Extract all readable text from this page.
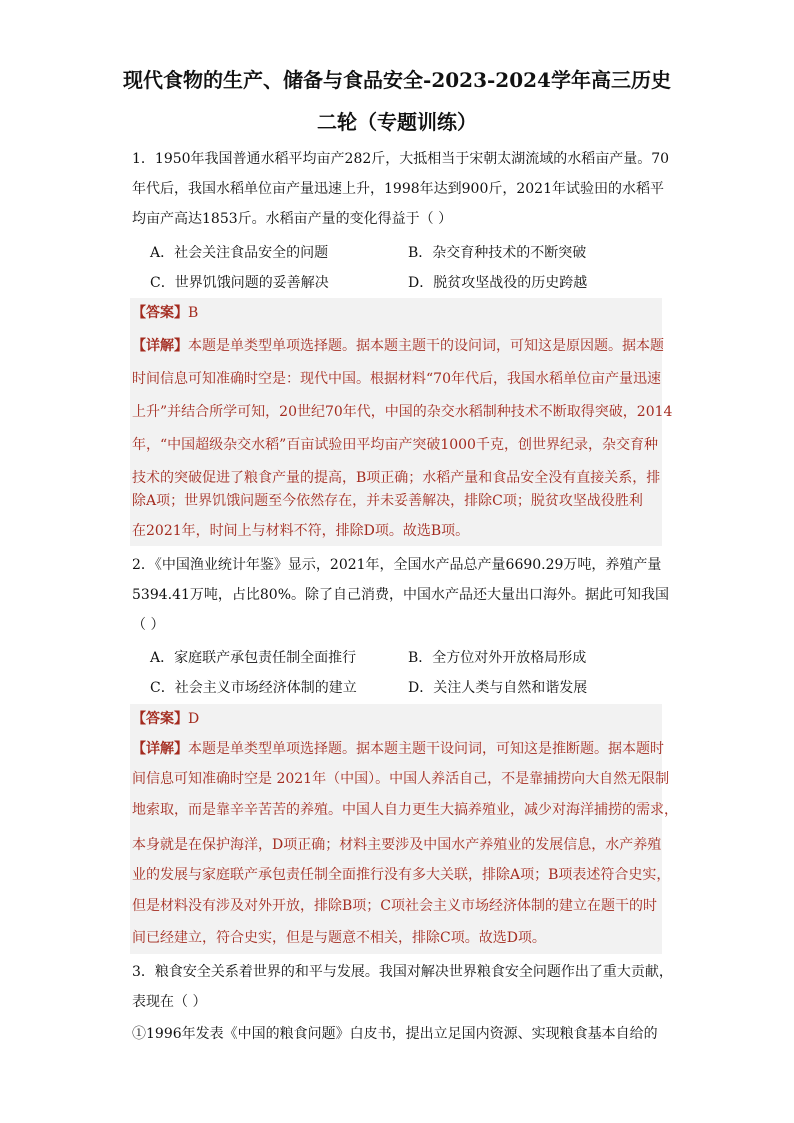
现代食物的生产、储备与食品安全-2023-2024学年高三历史
二轮（专题训练）
1．1950年我国普通水稻平均亩产282斤，大抵相当于宋朝太湖流域的水稻亩产量。70
年代后，我国水稻单位亩产量迅速上升，1998年达到900斤，2021年试验田的水稻平
均亩产高达1853斤。水稻亩产量的变化得益于（ ）
A．社会关注食品安全的问题	B．杂交育种技术的不断突破
C．世界饥饿问题的妥善解决	D．脱贫攻坚战役的历史跨越
【答案】B
【详解】本题是单类型单项选择题。据本题主题干的设问词，可知这是原因题。据本题
时间信息可知准确时空是：现代中国。根据材料“70年代后，我国水稻单位亩产量迅速
上升”并结合所学可知，20世纪70年代，中国的杂交水稻制种技术不断取得突破，2014
年，“中国超级杂交水稻”百亩试验田平均亩产突破1000千克，创世界纪录，杂交育种
技术的突破促进了粮食产量的提高，B项正确；水稻产量和食品安全没有直接关系，排
除A项；世界饥饿问题至今依然存在，并未妥善解决，排除C项；脱贫攻坚战役胜利
在2021年，时间上与材料不符，排除D项。故选B项。
2．《中国渔业统计年鉴》显示，2021年，全国水产品总产量6690.29万吨，养殖产量
5394.41万吨，占比80%。除了自己消费，中国水产品还大量出口海外。据此可知我国
（ ）
A．家庭联产承包责任制全面推行	B．全方位对外开放格局形成
C．社会主义市场经济体制的建立	D．关注人类与自然和谐发展
【答案】D
【详解】本题是单类型单项选择题。据本题主题干设问词，可知这是推断题。据本题时
间信息可知准确时空是 2021年（中国）。中国人养活自己，不是靠捕捞向大自然无限制
地索取，而是靠辛辛苦苦的养殖。中国人自力更生大搞养殖业，减少对海洋捕捞的需求，
本身就是在保护海洋，D项正确；材料主要涉及中国水产养殖业的发展信息，水产养殖
业的发展与家庭联产承包责任制全面推行没有多大关联，排除A项；B项表述符合史实，
但是材料没有涉及对外开放，排除B项；C项社会主义市场经济体制的建立在题干的时
间已经建立，符合史实，但是与题意不相关，排除C项。故选D项。
3．粮食安全关系着世界的和平与发展。我国对解决世界粮食安全问题作出了重大贡献，
表现在（ ）
①1996年发表《中国的粮食问题》白皮书，提出立足国内资源、实现粮食基本自给的
